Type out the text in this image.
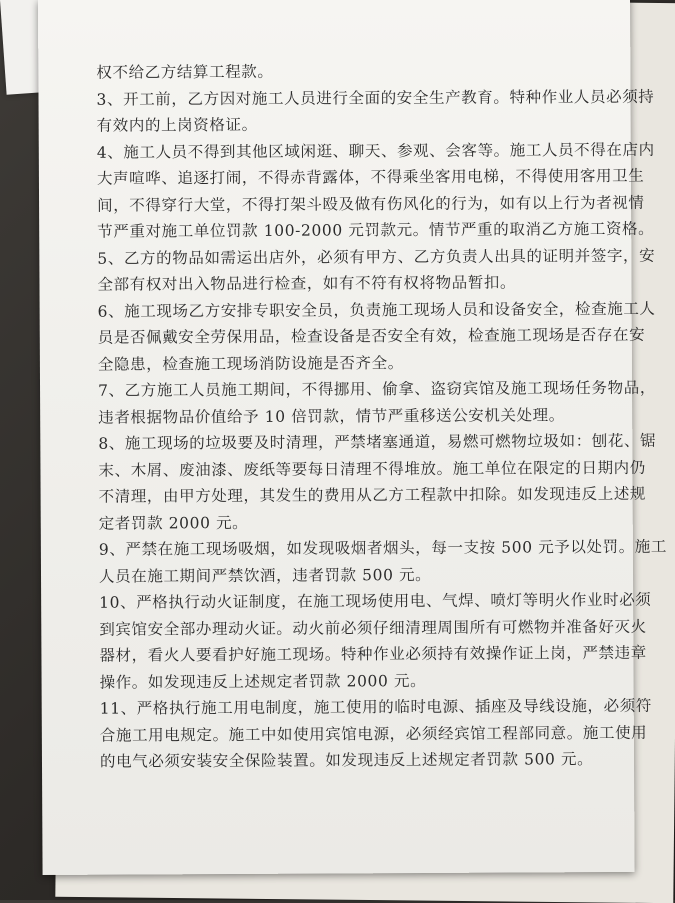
权不给乙方结算工程款。
3、开工前，乙方因对施工人员进行全面的安全生产教育。特种作业人员必须持
有效内的上岗资格证。
4、施工人员不得到其他区域闲逛、聊天、参观、会客等。施工人员不得在店内
大声喧哗、追逐打闹，不得赤背露体，不得乘坐客用电梯，不得使用客用卫生
间，不得穿行大堂，不得打架斗殴及做有伤风化的行为，如有以上行为者视情
节严重对施工单位罚款 100-2000 元罚款元。情节严重的取消乙方施工资格。
5、乙方的物品如需运出店外，必须有甲方、乙方负责人出具的证明并签字，安
全部有权对出入物品进行检查，如有不符有权将物品暂扣。
6、施工现场乙方安排专职安全员，负责施工现场人员和设备安全，检查施工人
员是否佩戴安全劳保用品，检查设备是否安全有效，检查施工现场是否存在安
全隐患，检查施工现场消防设施是否齐全。
7、乙方施工人员施工期间，不得挪用、偷拿、盗窃宾馆及施工现场任务物品，
违者根据物品价值给予 10 倍罚款，情节严重移送公安机关处理。
8、施工现场的垃圾要及时清理，严禁堵塞通道，易燃可燃物垃圾如：刨花、锯
末、木屑、废油漆、废纸等要每日清理不得堆放。施工单位在限定的日期内仍
不清理，由甲方处理，其发生的费用从乙方工程款中扣除。如发现违反上述规
定者罚款 2000 元。
9、严禁在施工现场吸烟，如发现吸烟者烟头，每一支按 500 元予以处罚。施工
人员在施工期间严禁饮酒，违者罚款 500 元。
10、严格执行动火证制度，在施工现场使用电、气焊、喷灯等明火作业时必须
到宾馆安全部办理动火证。动火前必须仔细清理周围所有可燃物并准备好灭火
器材，看火人要看护好施工现场。特种作业必须持有效操作证上岗，严禁违章
操作。如发现违反上述规定者罚款 2000 元。
11、严格执行施工用电制度，施工使用的临时电源、插座及导线设施，必须符
合施工用电规定。施工中如使用宾馆电源，必须经宾馆工程部同意。施工使用
的电气必须安装安全保险装置。如发现违反上述规定者罚款 500 元。
